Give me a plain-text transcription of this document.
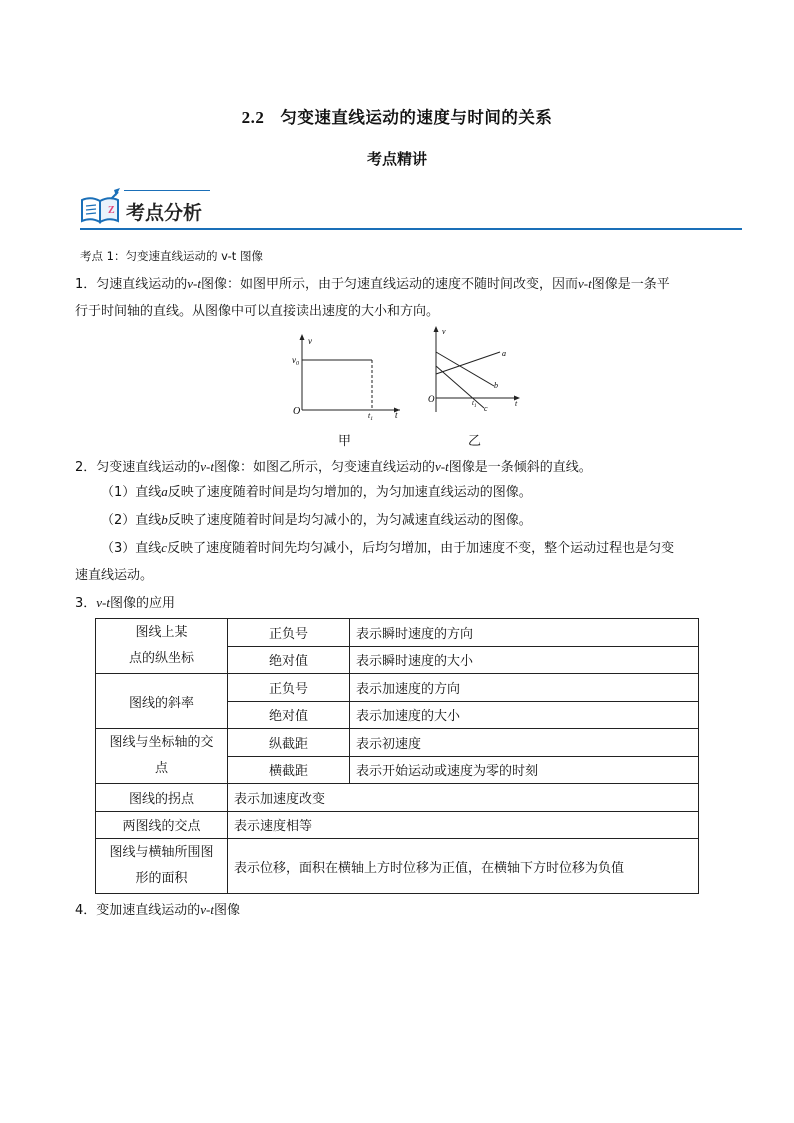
2.2 匀变速直线运动的速度与时间的关系
考点精讲
Z 考点分析
考点 1：匀变速直线运动的 v-t 图像
1．匀速直线运动的v-t图像：如图甲所示，由于匀速直线运动的速度不随时间改变，因而v-t图像是一条平
行于时间轴的直线。从图像中可以直接读出速度的大小和方向。
v
$v_0$
O	$t_1$ t
甲
v
O	$t_1$	t
a
b
c
乙
2．匀变速直线运动的v-t图像：如图乙所示，匀变速直线运动的v-t图像是一条倾斜的直线。
（1）直线a反映了速度随着时间是均匀增加的，为匀加速直线运动的图像。
（2）直线b反映了速度随着时间是均匀减小的，为匀减速直线运动的图像。
（3）直线c反映了速度随着时间先均匀减小，后均匀增加，由于加速度不变，整个运动过程也是匀变
速直线运动。
3．v-t图像的应用
图线上某
点的纵坐标	正负号	表示瞬时速度的方向
	绝对值	表示瞬时速度的大小
图线的斜率	正负号	表示加速度的方向
	绝对值	表示加速度的大小
图线与坐标轴的交
点	纵截距	表示初速度
	横截距	表示开始运动或速度为零的时刻
图线的拐点	表示加速度改变	
两图线的交点	表示速度相等	
图线与横轴所围图
形的面积	表示位移，面积在横轴上方时位移为正值，在横轴下方时位移为负值	
4．变加速直线运动的v-t图像
